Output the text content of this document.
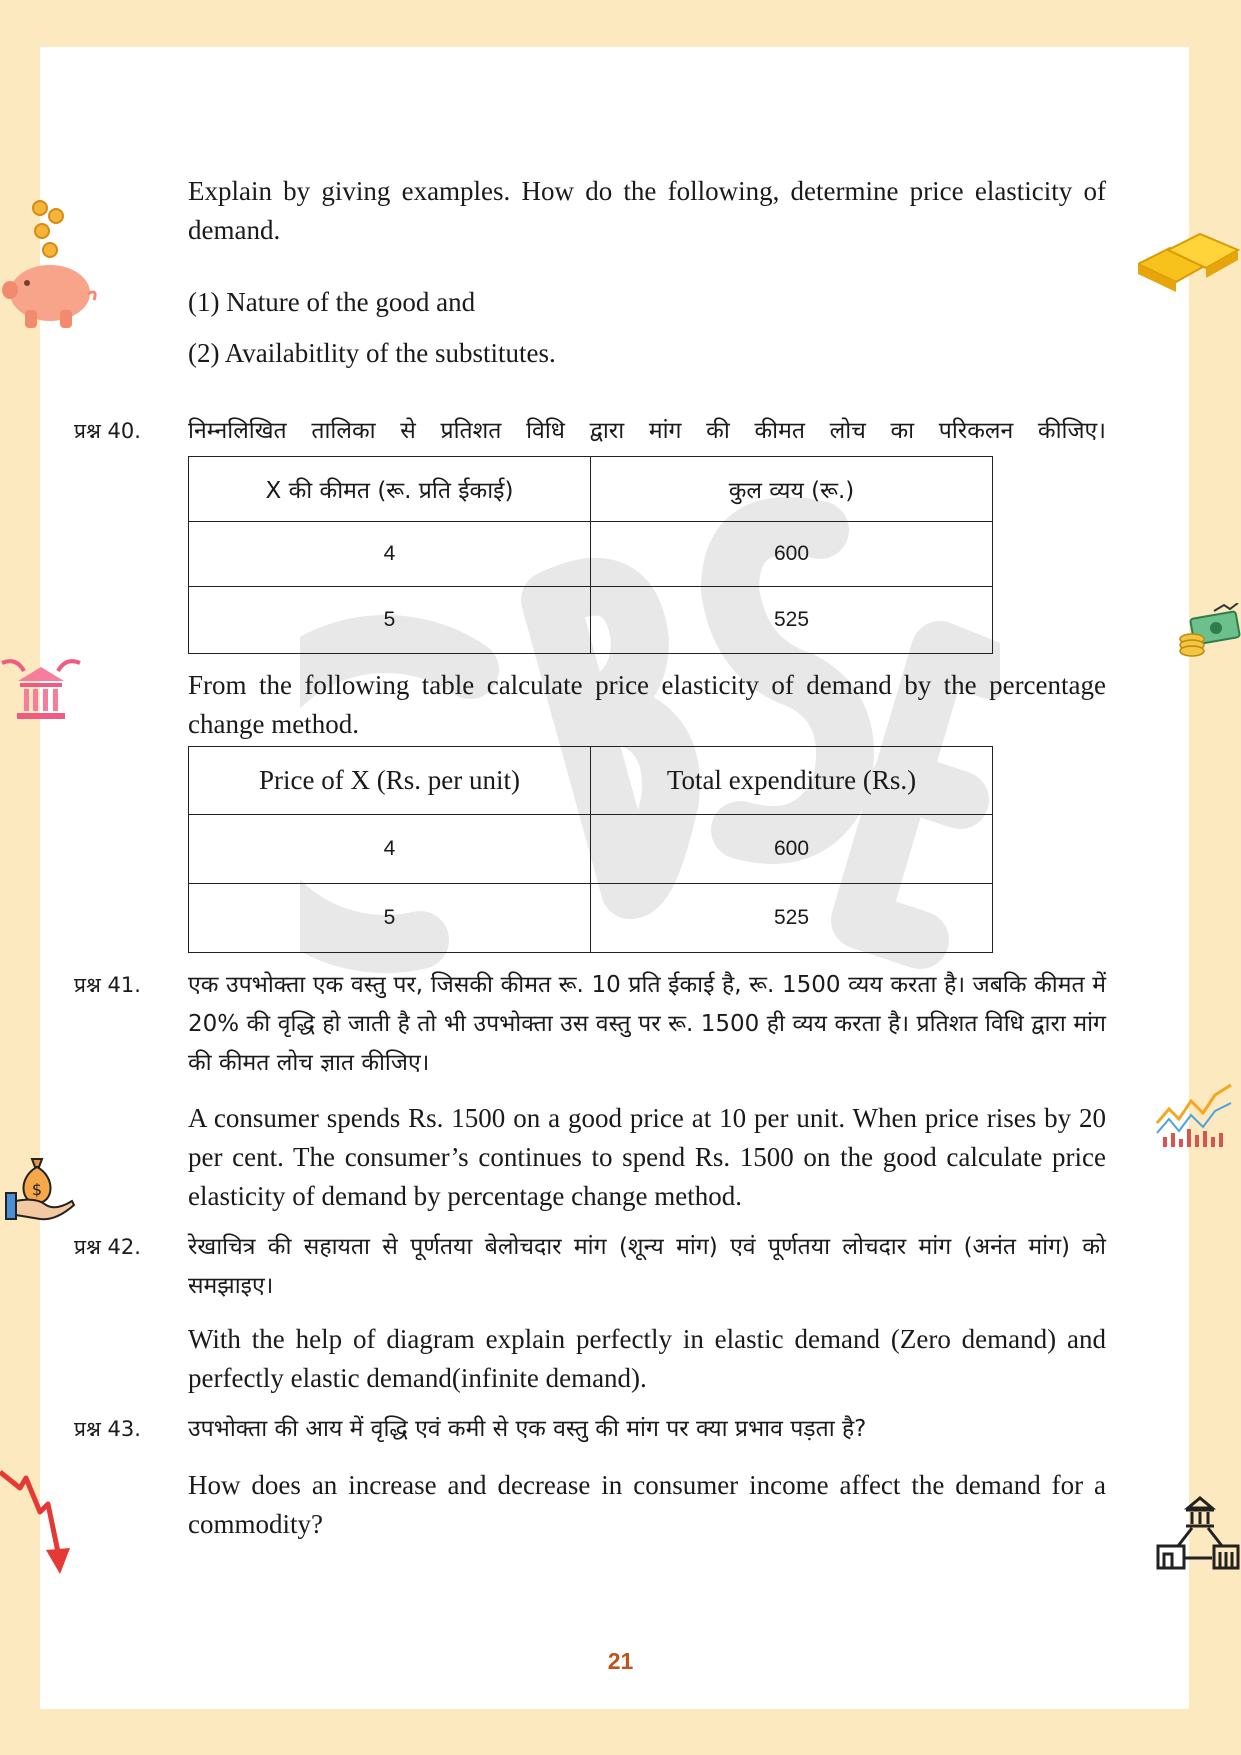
Explain by giving examples. How do the following, determine price elasticity of demand.

(1) Nature of the good and

(2) Availabitlity of the substitutes.

प्रश्न 40. निम्नलिखित तालिका से प्रतिशत विधि द्वारा मांग की कीमत लोच का परिकलन कीजिए।

X की कीमत (रू. प्रति ईकाई)	कुल व्यय (रू.)
4	600
5	525

From the following table calculate price elasticity of demand by the percentage change method.

Price of X (Rs. per unit)	Total expenditure (Rs.)
4	600
5	525
प्रश्न 41. एक उपभोक्ता एक वस्तु पर, जिसकी कीमत रू. 10 प्रति ईकाई है, रू. 1500 व्यय करता है। जबकि कीमत में 20% की वृद्धि हो जाती है तो भी उपभोक्ता उस वस्तु पर रू. 1500 ही व्यय करता है। प्रतिशत विधि द्वारा मांग की कीमत लोच ज्ञात कीजिए।

A consumer spends Rs. 1500 on a good price at 10 per unit. When price rises by 20 per cent. The consumer’s continues to spend Rs. 1500 on the good calculate price elasticity of demand by percentage change method.

प्रश्न 42. रेखाचित्र की सहायता से पूर्णतया बेलोचदार मांग (शून्य मांग) एवं पूर्णतया लोचदार मांग (अनंत मांग) को समझाइए।

With the help of diagram explain perfectly in elastic demand (Zero demand) and perfectly elastic demand(infinite demand).

प्रश्न 43. उपभोक्ता की आय में वृद्धि एवं कमी से एक वस्तु की मांग पर क्या प्रभाव पड़ता है?

How does an increase and decrease in consumer income affect the demand for a commodity?

21
$
